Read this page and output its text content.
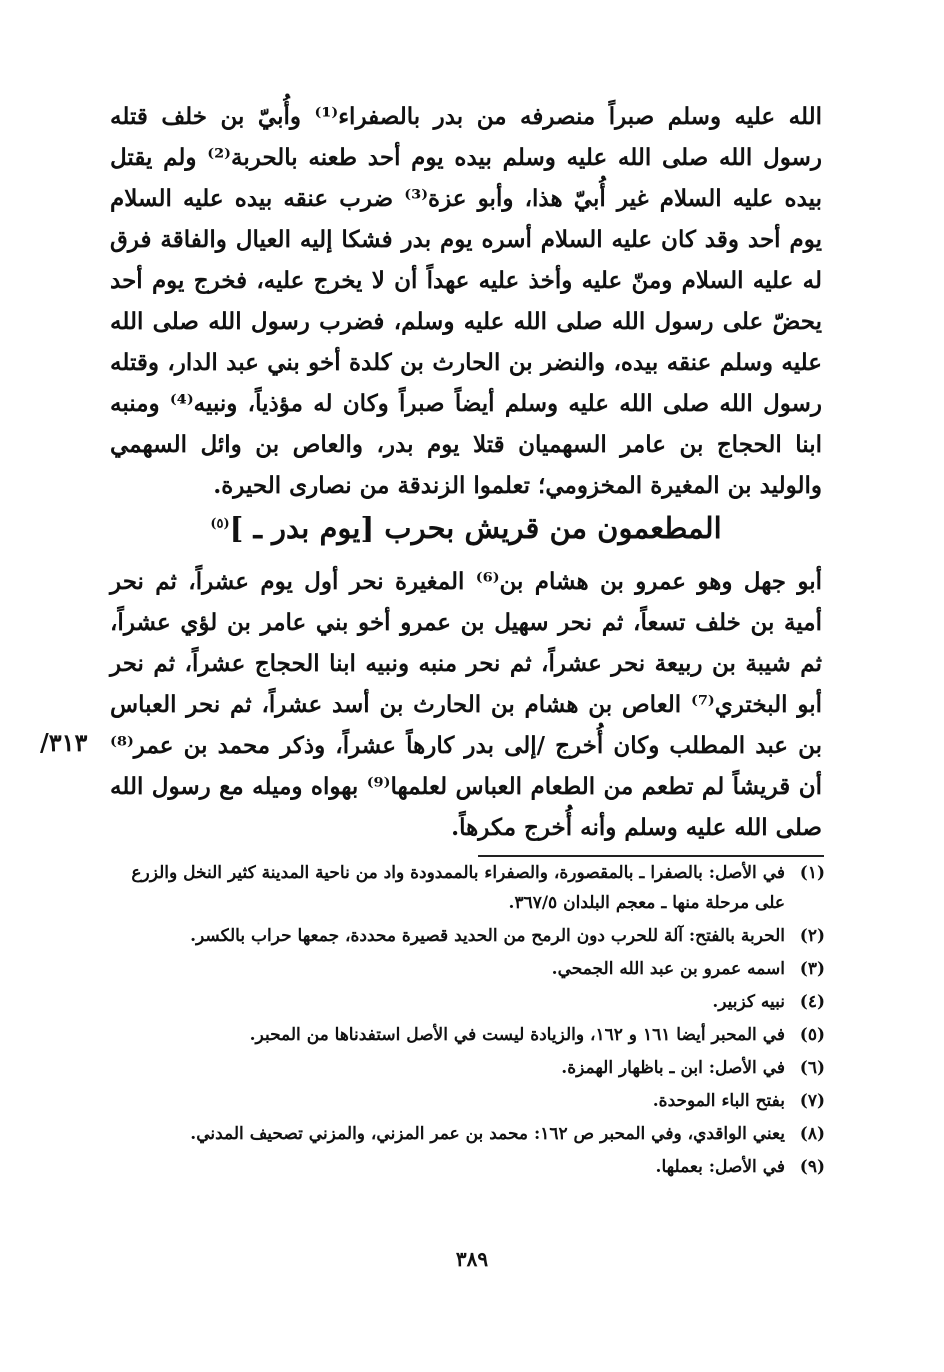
الله عليه وسلم صبراً منصرفه من بدر بالصفراء⁽¹⁾ وأُبيّ بن خلف قتله رسول الله صلى الله عليه وسلم بيده يوم أحد طعنه بالحربة⁽²⁾ ولم يقتل بيده عليه السلام غير أُبيّ هذا، وأبو عزة⁽³⁾ ضرب عنقه بيده عليه السلام يوم أحد وقد كان عليه السلام أسره يوم بدر فشكا إليه العيال والفاقة فرق له عليه السلام ومنّ عليه وأخذ عليه عهداً أن لا يخرج عليه، فخرج يوم أحد يحضّ على رسول الله صلى الله عليه وسلم، فضرب رسول الله صلى الله عليه وسلم عنقه بيده، والنضر بن الحارث بن كلدة أخو بني عبد الدار، وقتله رسول الله صلى الله عليه وسلم أيضاً صبراً وكان له مؤذياً، ونبيه⁽⁴⁾ ومنبه ابنا الحجاج بن عامر السهميان قتلا يوم بدر، والعاص بن وائل السهمي والوليد بن المغيرة المخزومي؛ تعلموا الزندقة من نصارى الحيرة.
المطعمون من قريش بحرب [يوم بدر ـ ]$^{(٥)}$
أبو جهل وهو عمرو بن هشام بن⁽⁶⁾ المغيرة نحر أول يوم عشراً، ثم نحر أمية بن خلف تسعاً، ثم نحر سهيل بن عمرو أخو بني عامر بن لؤي عشراً، ثم شيبة بن ربيعة نحر عشراً، ثم نحر منبه ونبيه ابنا الحجاج عشراً، ثم نحر أبو البختري⁽⁷⁾ العاص بن هشام بن الحارث بن أسد عشراً، ثم نحر العباس بن عبد المطلب وكان أُخرج /إلى بدر كارهاً عشراً، وذكر محمد بن عمر⁽⁸⁾ أن قريشاً لم تطعم من الطعام العباس لعلمها⁽⁹⁾ بهواه وميله مع رسول الله صلى الله عليه وسلم وأنه أُخرج مكرهاً.
٣١٣/
(١)
في الأصل: بالصفرا ـ بالمقصورة، والصفراء بالممدودة واد من ناحية المدينة كثير النخل والزرع على مرحلة منها ـ معجم البلدان ٣٦٧/٥.
(٢)
الحربة بالفتح: آلة للحرب دون الرمح من الحديد قصيرة محددة، جمعها حراب بالكسر.
(٣)
اسمه عمرو بن عبد الله الجمحي.
(٤)
نبيه كزبير.
(٥)
في المحبر أيضا ١٦١ و ١٦٢، والزيادة ليست في الأصل استفدناها من المحبر.
(٦)
في الأصل: ابن ـ باظهار الهمزة.
(٧)
بفتح الباء الموحدة.
(٨)
يعني الواقدي، وفي المحبر ص ١٦٢: محمد بن عمر المزني، والمزني تصحيف المدني.
(٩)
في الأصل: بعملها.
٣٨٩
